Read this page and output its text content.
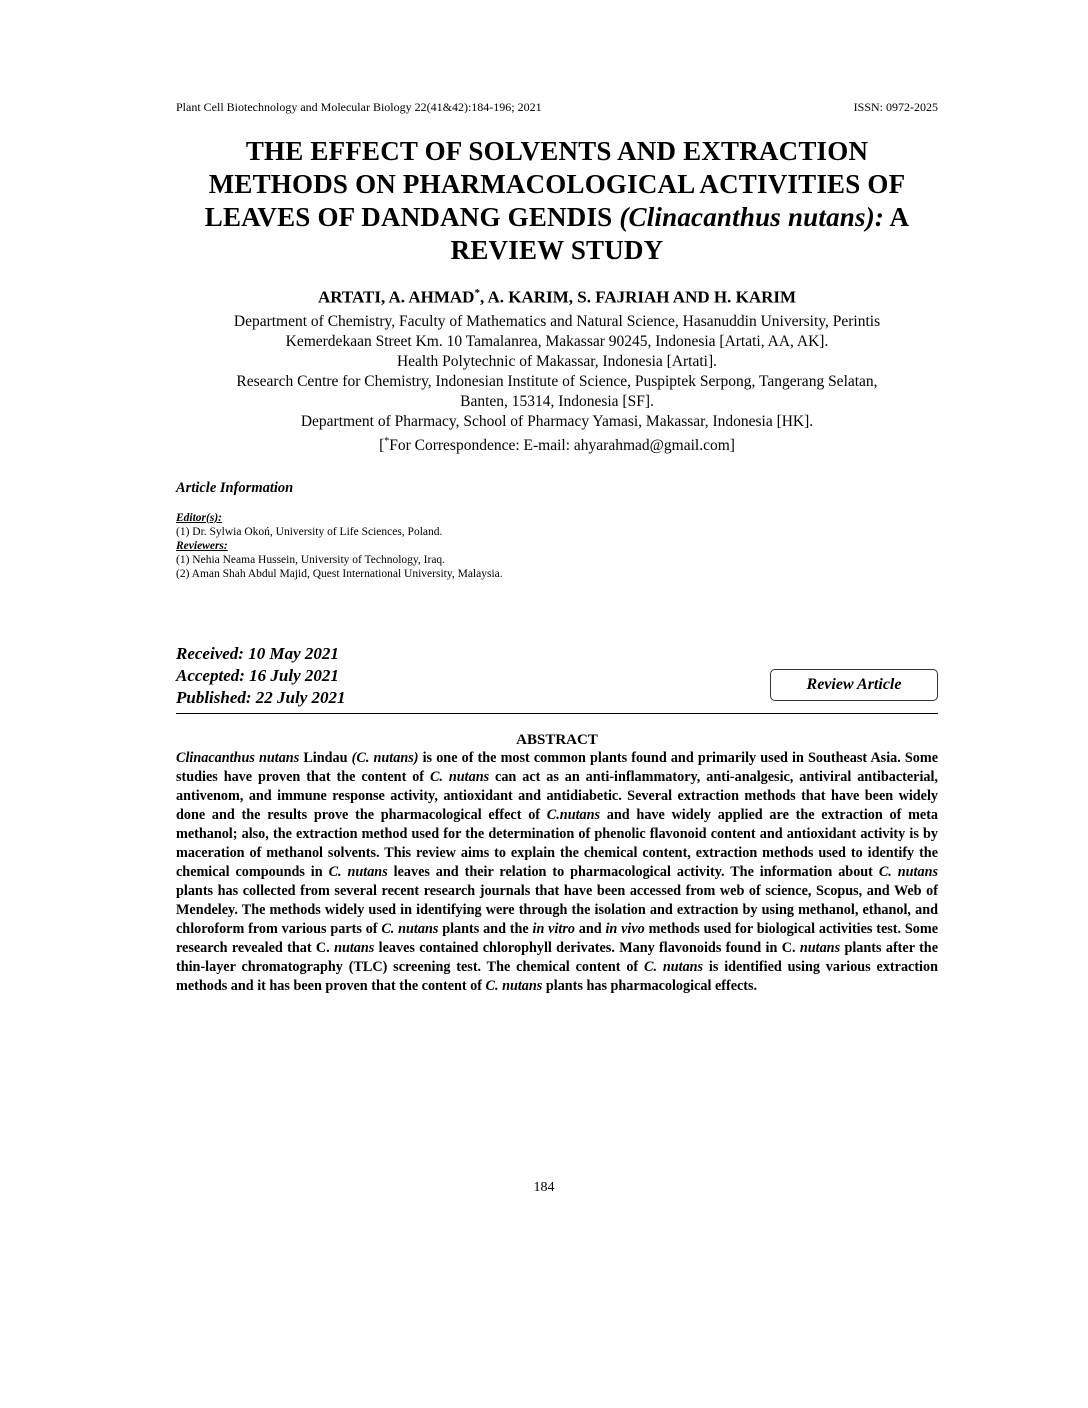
Plant Cell Biotechnology and Molecular Biology 22(41&42):184-196; 2021	ISSN: 0972-2025
THE EFFECT OF SOLVENTS AND EXTRACTION
METHODS ON PHARMACOLOGICAL ACTIVITIES OF
LEAVES OF DANDANG GENDIS (Clinacanthus nutans): A
REVIEW STUDY
ARTATI, A. AHMAD*, A. KARIM, S. FAJRIAH AND H. KARIM
Department of Chemistry, Faculty of Mathematics and Natural Science, Hasanuddin University, Perintis
Kemerdekaan Street Km. 10 Tamalanrea, Makassar 90245, Indonesia [Artati, AA, AK].
Health Polytechnic of Makassar, Indonesia [Artati].
Research Centre for Chemistry, Indonesian Institute of Science, Puspiptek Serpong, Tangerang Selatan,
Banten, 15314, Indonesia [SF].
Department of Pharmacy, School of Pharmacy Yamasi, Makassar, Indonesia [HK].
[*For Correspondence: E-mail: ahyarahmad@gmail.com]
Article Information
Editor(s):
(1) Dr. Sylwia Okoń, University of Life Sciences, Poland.
Reviewers:
(1) Nehia Neama Hussein, University of Technology, Iraq.
(2) Aman Shah Abdul Majid, Quest International University, Malaysia.
Received: 10 May 2021
Accepted: 16 July 2021
Published: 22 July 2021
Review Article
ABSTRACT

Clinacanthus nutans Lindau (C. nutans) is one of the most common plants found and primarily used in Southeast Asia. Some studies have proven that the content of C. nutans can act as an anti-inflammatory, anti-analgesic, antiviral antibacterial, antivenom, and immune response activity, antioxidant and antidiabetic. Several extraction methods that have been widely done and the results prove the pharmacological effect of C.nutans and have widely applied are the extraction of meta methanol; also, the extraction method used for the determination of phenolic flavonoid content and antioxidant activity is by maceration of methanol solvents. This review aims to explain the chemical content, extraction methods used to identify the chemical compounds in C. nutans leaves and their relation to pharmacological activity. The information about C. nutans plants has collected from several recent research journals that have been accessed from web of science, Scopus, and Web of Mendeley. The methods widely used in identifying were through the isolation and extraction by using methanol, ethanol, and chloroform from various parts of C. nutans plants and the in vitro and in vivo methods used for biological activities test. Some research revealed that C. nutans leaves contained chlorophyll derivates. Many flavonoids found in C. nutans plants after the thin-layer chromatography (TLC) screening test. The chemical content of C. nutans is identified using various extraction methods and it has been proven that the content of C. nutans plants has pharmacological effects.

184
